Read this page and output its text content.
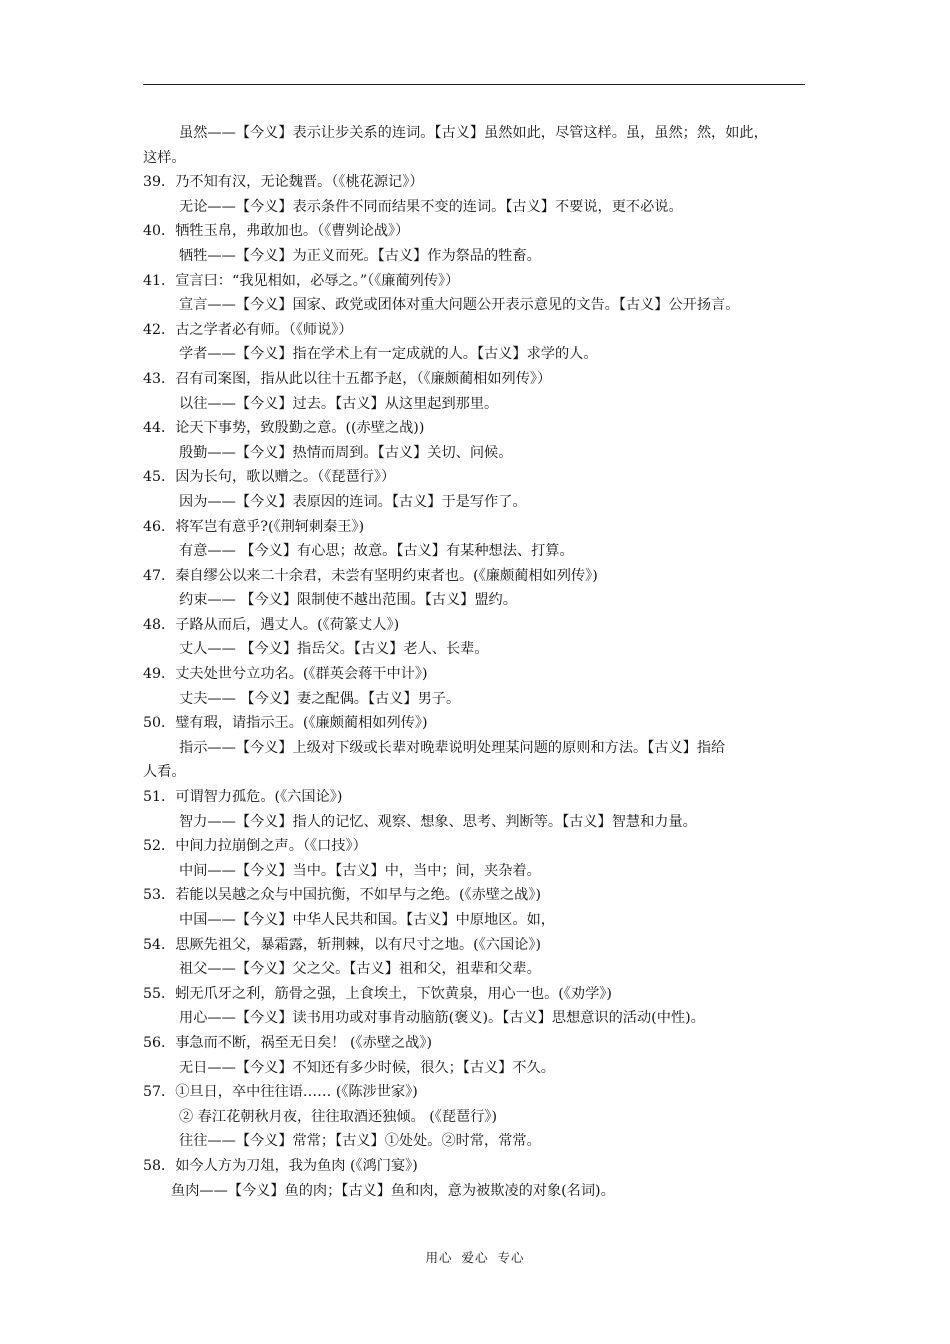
虽然——【今义】表示让步关系的连词。【古义】虽然如此，尽管这样。虽，虽然；然，如此，
这样。
39．乃不知有汉，无论魏晋。（《桃花源记》）
无论——【今义】表示条件不同而结果不变的连词。【古义】不要说，更不必说。
40．牺牲玉帛，弗敢加也。（《曹刿论战》）
牺牲——【今义】为正义而死。【古义】作为祭品的牲畜。
41．宣言曰：“我见相如，必辱之。”（《廉蔺列传》）
宣言——【今义】国家、政党或团体对重大问题公开表示意见的文告。【古义】公开扬言。
42．古之学者必有师。（《师说》）
学者——【今义】指在学术上有一定成就的人。【古义】求学的人。
43．召有司案图，指从此以往十五都予赵，（《廉颇蔺相如列传》）
以往——【今义】过去。【古义】从这里起到那里。
44．论天下事势，致殷勤之意。((赤壁之战))
殷勤——【今义】热情而周到。【古义】关切、问候。
45．因为长句，歌以赠之。（《琵琶行》）
因为——【今义】表原因的连词。【古义】于是写作了。
46．将军岂有意乎?(《荆轲刺秦王》)
有意—— 【今义】有心思；故意。【古义】有某种想法、打算。
47．秦自缪公以来二十余君，未尝有坚明约束者也。(《廉颇蔺相如列传》)
约束—— 【今义】限制使不越出范围。【古义】盟约。
48．子路从而后，遇丈人。(《荷篆丈人》)
丈人—— 【今义】指岳父。【古义】老人、长辈。
49．丈夫处世兮立功名。(《群英会蒋干中计》)
丈夫—— 【今义】妻之配偶。【古义】男子。
50．璧有瑕，请指示王。(《廉颇蔺相如列传》)
指示——【今义】上级对下级或长辈对晚辈说明处理某问题的原则和方法。【古义】指给
人看。
51．可谓智力孤危。(《六国论》)
智力——【今义】指人的记忆、观察、想象、思考、判断等。【古义】智慧和力量。
52．中间力拉崩倒之声。（《口技》）
中间——【今义】当中。【古义】中，当中；间，夹杂着。
53．若能以吴越之众与中国抗衡，不如早与之绝。(《赤壁之战》)
中国——【今义】中华人民共和国。【古义】中原地区。如，
54．思厥先祖父，暴霜露，斩荆棘，以有尺寸之地。(《六国论》)
祖父——【今义】父之父。【古义】祖和父，祖辈和父辈。
55．蚓无爪牙之利，筋骨之强，上食埃土，下饮黄泉，用心一也。(《劝学》)
用心——【今义】读书用功或对事肯动脑筋(褒义)。【古义】思想意识的活动(中性)。
56．事急而不断，祸至无日矣！ (《赤壁之战》)
无日——【今义】不知还有多少时候，很久；【古义】不久。
57．①旦日，卒中往往语…… (《陈涉世家》)
② 春江花朝秋月夜，往往取酒还独倾。 (《琵琶行》)
往往——【今义】常常；【古义】①处处。②时常，常常。
58．如今人方为刀俎，我为鱼肉 (《鸿门宴》)
鱼肉——【今义】鱼的肉；【古义】鱼和肉，意为被欺凌的对象(名词)。
用心 爱心 专心
